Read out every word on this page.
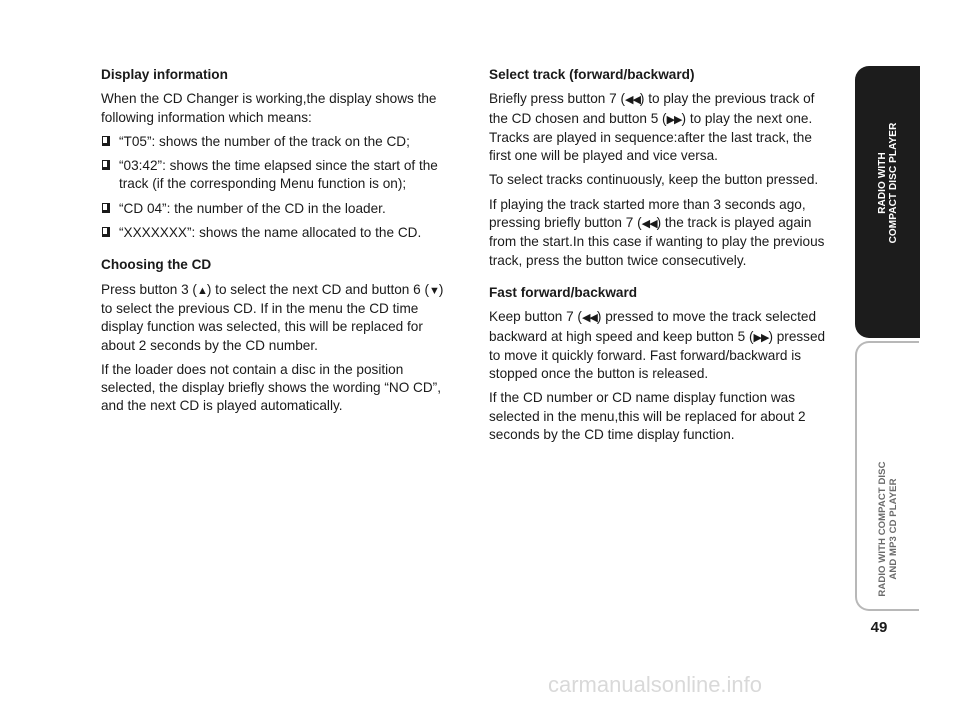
Display information

When the CD Changer is working,the display shows the following information which means:

“T05”: shows the number of the track on the CD;
“03:42”: shows the time elapsed since the start of the track (if the corresponding Menu function is on);
“CD 04”: the number of the CD in the loader.
“XXXXXXX”: shows the name allocated to the CD.
Choosing the CD

Press button 3 (▲) to select the next CD and button 6 (▼) to select the previous CD. If in the menu the CD time display function was selected, this will be replaced for about 2 seconds by the CD number.

If the loader does not contain a disc in the position selected, the display briefly shows the wording “NO CD”, and the next CD is played automatically.

Select track (forward/backward)

Briefly press button 7 (◀◀) to play the previous track of the CD chosen and button 5 (▶▶) to play the next one. Tracks are played in sequence:after the last track, the first one will be played and vice versa.

To select tracks continuously, keep the button pressed.

If playing the track started more than 3 seconds ago, pressing briefly button 7 (◀◀) the track is played again from the start.In this case if wanting to play the previous track, press the button twice consecutively.

Fast forward/backward

Keep button 7 (◀◀) pressed to move the track selected backward at high speed and keep button 5 (▶▶) pressed to move it quickly forward. Fast forward/backward is stopped once the button is released.

If the CD number or CD name display function was selected in the menu,this will be replaced for about 2 seconds by the CD time display function.

RADIO WITH COMPACT DISC PLAYER
RADIO WITH COMPACT DISC AND MP3 CD PLAYER
49
carmanualsonline.info
